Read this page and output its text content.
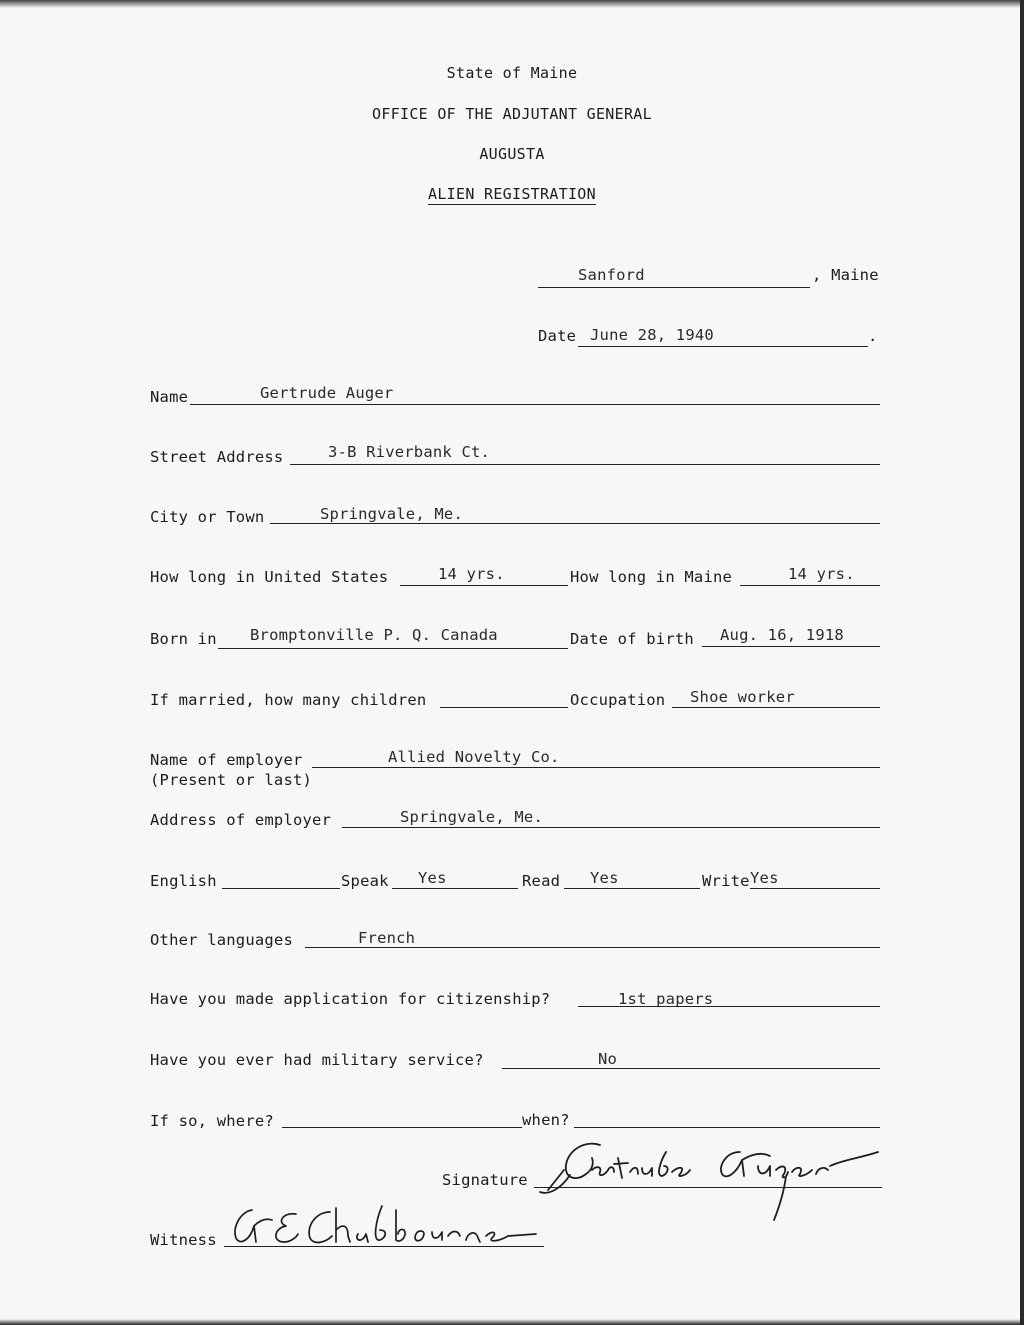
State of Maine
OFFICE OF THE ADJUTANT GENERAL
AUGUSTA
ALIEN REGISTRATION
Sanford	, Maine
Date June 28, 1940	.
Name	Gertrude Auger
Street Address	3-B Riverbank Ct.
City or Town	Springvale, Me.
How long in United States	14 yrs.	How long in Maine	14 yrs.
Born in Bromptonville P. Q. Canada	Date of birth Aug. 16, 1918
If married, how many children	Occupation Shoe worker
Name of employer
(Present or last)
Allied Novelty Co.
Address of employer	Springvale, Me.
English	Speak Yes	Read Yes	Write Yes
Other languages	French
Have you made application for citizenship?	1st papers
Have you ever had military service?	No
If so, where?	when?
Signature
Witness
